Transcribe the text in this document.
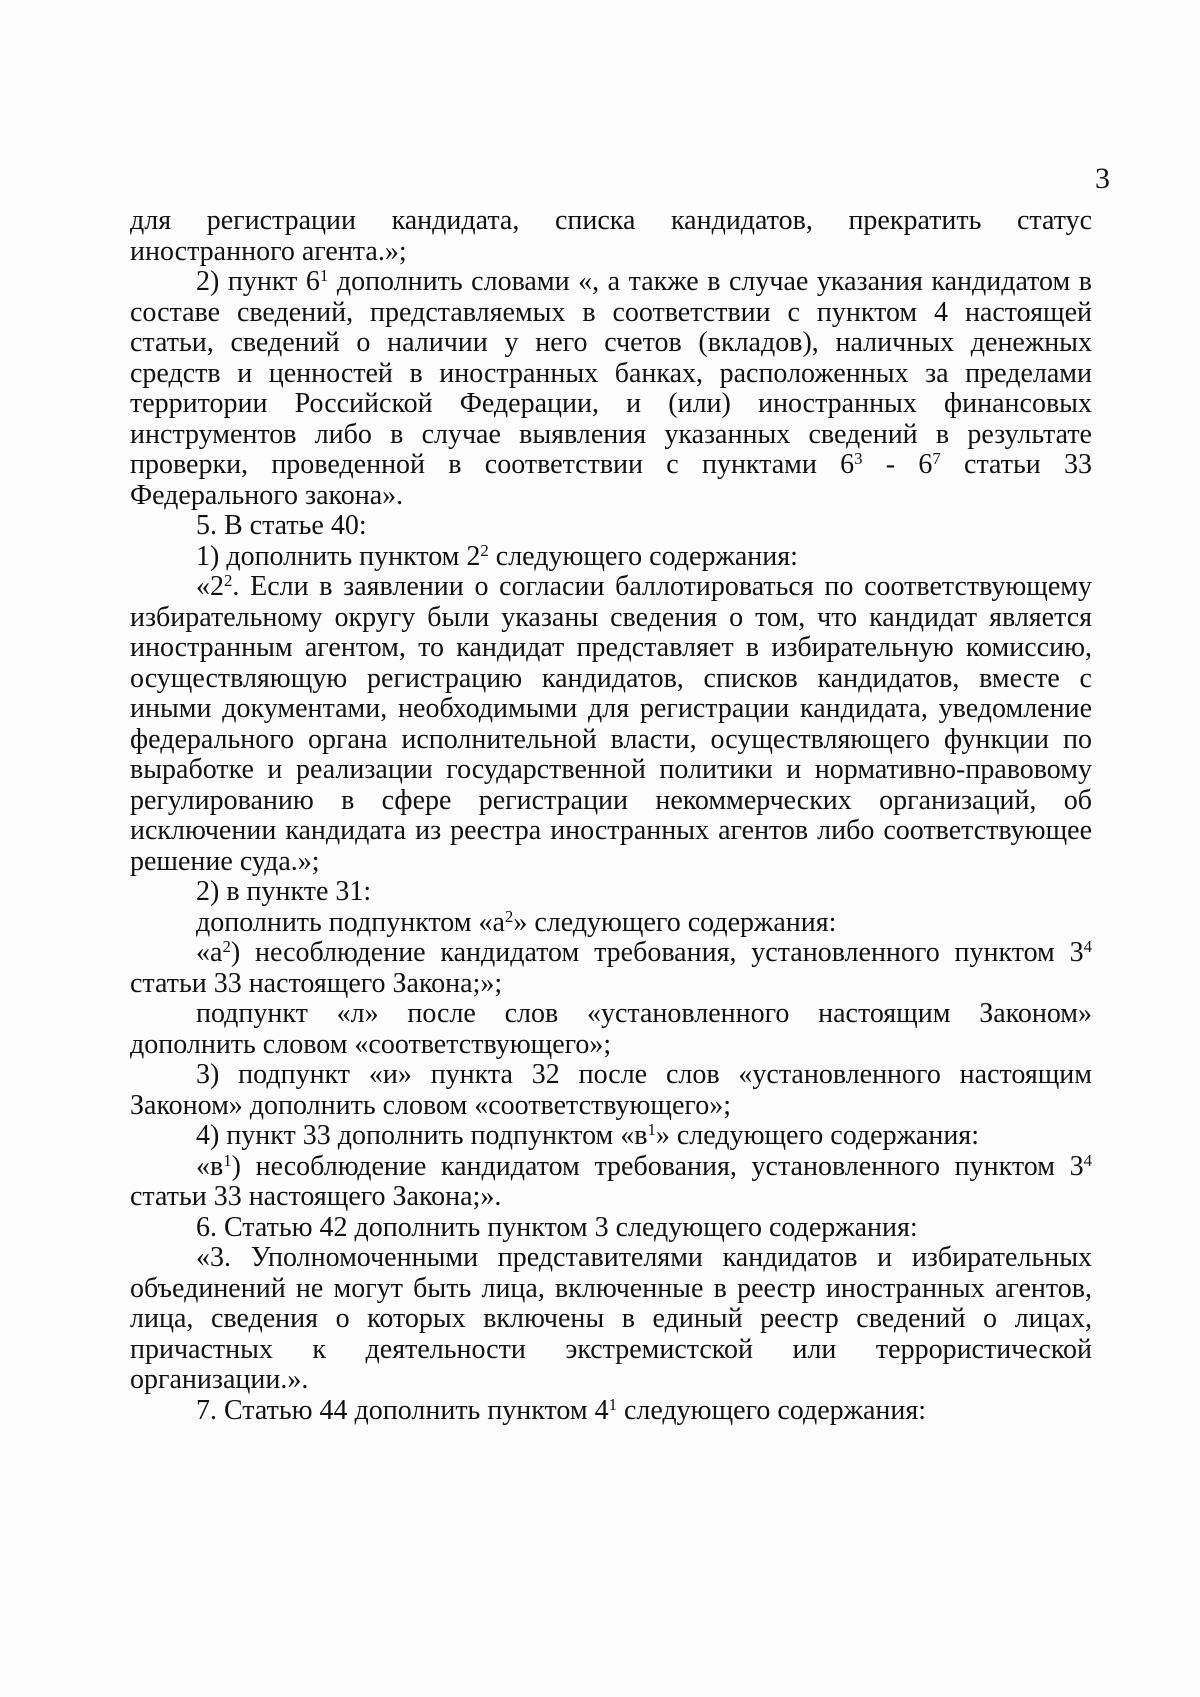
3

для регистрации кандидата, списка кандидатов, прекратить статус иностранного агента.»;

2) пункт $6^1$ дополнить словами «, а также в случае указания кандидатом в составе сведений, представляемых в соответствии с пунктом 4 настоящей статьи, сведений о наличии у него счетов (вкладов), наличных денежных средств и ценностей в иностранных банках, расположенных за пределами территории Российской Федерации, и (или) иностранных финансовых инструментов либо в случае выявления указанных сведений в результате проверки, проведенной в соответствии с пунктами $6^3 - 6^7$ статьи 33 Федерального закона».

5. В статье 40:

1) дополнить пунктом $2^2$ следующего содержания:

«$2^2$. Если в заявлении о согласии баллотироваться по соответствующему избирательному округу были указаны сведения о том, что кандидат является иностранным агентом, то кандидат представляет в избирательную комиссию, осуществляющую регистрацию кандидатов, списков кандидатов, вместе с иными документами, необходимыми для регистрации кандидата, уведомление федерального органа исполнительной власти, осуществляющего функции по выработке и реализации государственной политики и нормативно-правовому регулированию в сфере регистрации некоммерческих организаций, об исключении кандидата из реестра иностранных агентов либо соответствующее решение суда.»;

2) в пункте 31:

дополнить подпунктом «$а^2$» следующего содержания:

«$а^2$) несоблюдение кандидатом требования, установленного пунктом $3^4$ статьи 33 настоящего Закона;»;

подпункт «л» после слов «установленного настоящим Законом» дополнить словом «соответствующего»;

3) подпункт «и» пункта 32 после слов «установленного настоящим Законом» дополнить словом «соответствующего»;

4) пункт 33 дополнить подпунктом «$в^1$» следующего содержания:

«$в^1$) несоблюдение кандидатом требования, установленного пунктом $3^4$ статьи 33 настоящего Закона;».

6. Статью 42 дополнить пунктом 3 следующего содержания:

«3. Уполномоченными представителями кандидатов и избирательных объединений не могут быть лица, включенные в реестр иностранных агентов, лица, сведения о которых включены в единый реестр сведений о лицах, причастных к деятельности экстремистской или террористической организации.».

7. Статью 44 дополнить пунктом $4^1$ следующего содержания:
